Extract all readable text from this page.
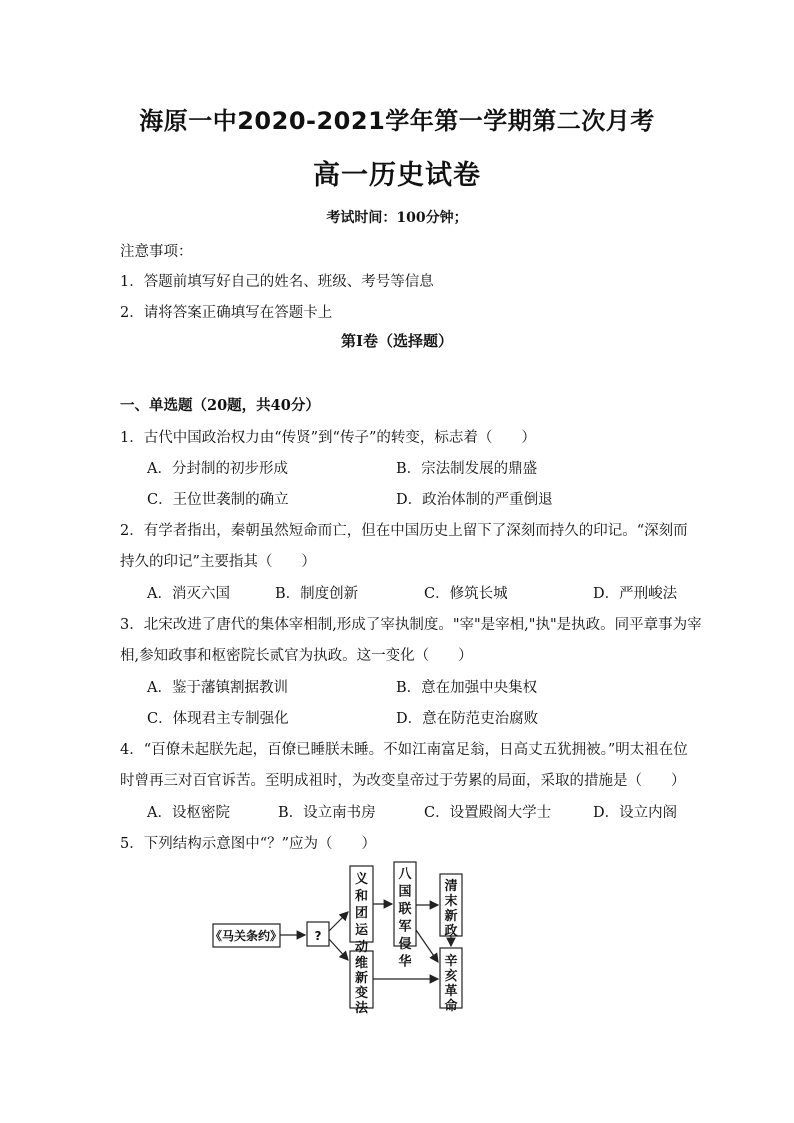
海原一中2020-2021学年第一学期第二次月考
高一历史试卷
考试时间：100分钟；
注意事项：
1．答题前填写好自己的姓名、班级、考号等信息
2．请将答案正确填写在答题卡上
第I卷（选择题）
一、单选题（20题，共40分）
1．古代中国政治权力由“传贤”到“传子”的转变，标志着（　　）
A．分封制的初步形成	B．宗法制发展的鼎盛
C．王位世袭制的确立	D．政治体制的严重倒退
2．有学者指出，秦朝虽然短命而亡，但在中国历史上留下了深刻而持久的印记。“深刻而
持久的印记”主要指其（　　）
A．消灭六国	B．制度创新	C．修筑长城	D．严刑峻法
3．北宋改进了唐代的集体宰相制,形成了宰执制度。"宰"是宰相,"执"是执政。同平章事为宰
相,参知政事和枢密院长贰官为执政。这一变化（　　）
A．鉴于藩镇割据教训	B．意在加强中央集权
C．体现君主专制强化	D．意在防范吏治腐败
4．“百僚未起朕先起，百僚已睡朕未睡。不如江南富足翁，日高丈五犹拥被。”明太祖在位
时曾再三对百官诉苦。至明成祖时，为改变皇帝过于劳累的局面，采取的措施是（　　）
A．设枢密院	B．设立南书房	C．设置殿阁大学士	D．设立内阁
5．下列结构示意图中“？”应为（　　）
《马关条约》	?
义和团运动
八国联军侵华
清末新政
维新变法
辛亥革命
